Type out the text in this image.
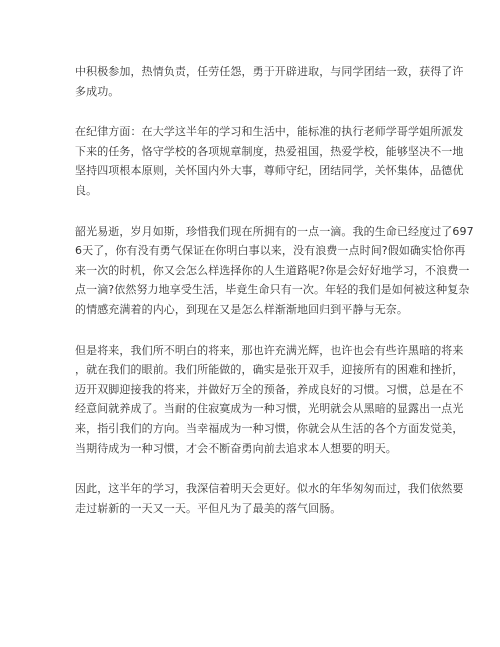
中积极参加，热情负责，任劳任怨，勇于开辟进取，与同学团结一致，获得了许
多成功。

在纪律方面：在大学这半年的学习和生活中，能标准的执行老师学哥学姐所派发
下来的任务，恪守学校的各项规章制度，热爱祖国，热爱学校，能够坚决不一地
坚持四项根本原则，关怀国内外大事，尊师守纪，团结同学，关怀集体，品德优
良。

韶光易逝，岁月如斯，珍惜我们现在所拥有的一点一滴。我的生命已经度过了697
6天了，你有没有勇气保证在你明白事以来，没有浪费一点时间?假如确实恰你再
来一次的时机，你又会怎么样选择你的人生道路呢?你是会好好地学习，不浪费一
点一滴?依然努力地享受生活，毕竟生命只有一次。年轻的我们是如何被这种复杂
的情感充满着的内心，到现在又是怎么样渐渐地回归到平静与无奈。

但是将来，我们所不明白的将来，那也许充满光辉，也许也会有些许黑暗的将来
，就在我们的眼前。我们所能做的，确实是张开双手，迎接所有的困难和挫折，
迈开双脚迎接我的将来，并做好万全的预备，养成良好的习惯。习惯，总是在不
经意间就养成了。当耐的住寂寞成为一种习惯，光明就会从黑暗的显露出一点光
来，指引我们的方向。当幸福成为一种习惯，你就会从生活的各个方面发觉美，
当期待成为一种习惯，才会不断奋勇向前去追求本人想要的明天。

因此，这半年的学习，我深信着明天会更好。似水的年华匆匆而过，我们依然要
走过崭新的一天又一天。平但凡为了最美的落气回肠。
